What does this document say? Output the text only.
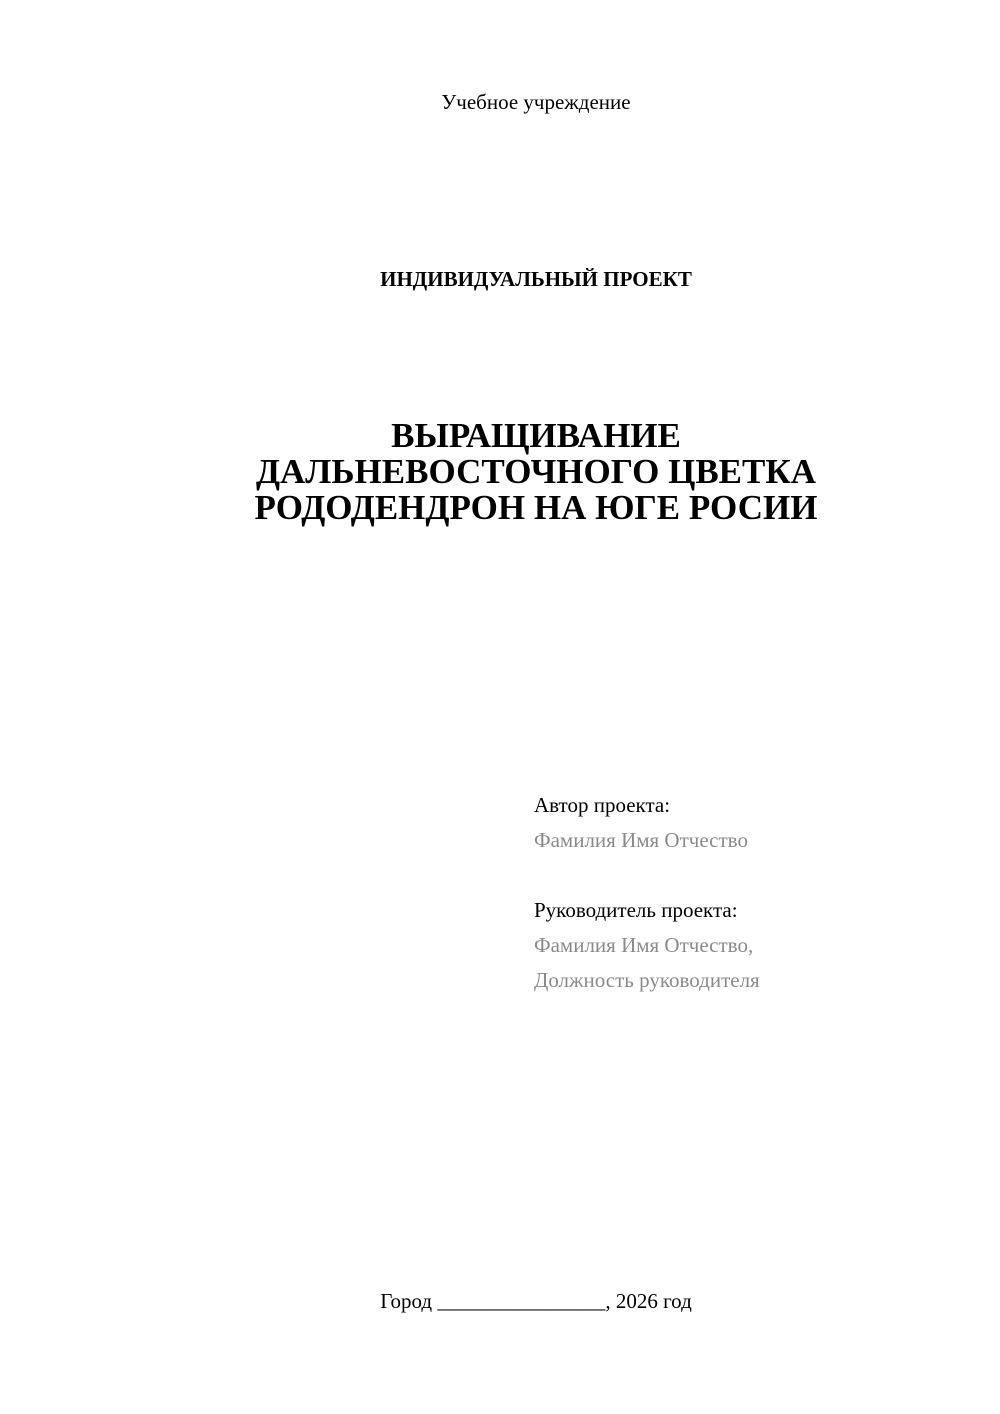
Учебное учреждение
ИНДИВИДУАЛЬНЫЙ ПРОЕКТ
ВЫРАЩИВАНИЕ
ДАЛЬНЕВОСТОЧНОГО ЦВЕТКА
РОДОДЕНДРОН НА ЮГЕ РОСИИ
Автор проекта:
Фамилия Имя Отчество
Руководитель проекта:
Фамилия Имя Отчество,
Должность руководителя
Город ________________, 2026 год
